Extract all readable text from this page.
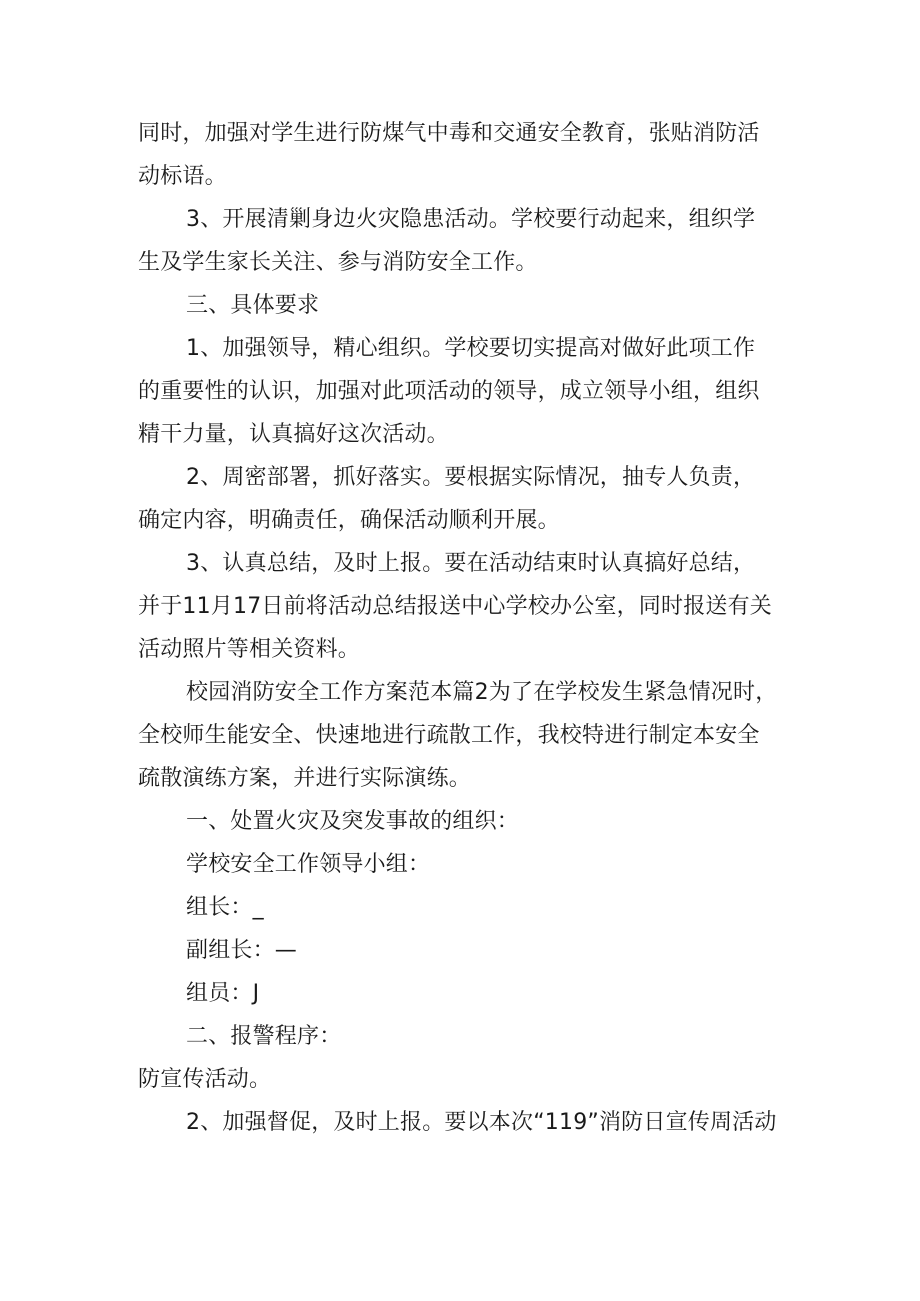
同时，加强对学生进行防煤气中毒和交通安全教育，张贴消防活
动标语。
3、开展清剿身边火灾隐患活动。学校要行动起来，组织学
生及学生家长关注、参与消防安全工作。
三、具体要求
1、加强领导，精心组织。学校要切实提高对做好此项工作
的重要性的认识，加强对此项活动的领导，成立领导小组，组织
精干力量，认真搞好这次活动。
2、周密部署，抓好落实。要根据实际情况，抽专人负责，
确定内容，明确责任，确保活动顺利开展。
3、认真总结，及时上报。要在活动结束时认真搞好总结，
并于11月17日前将活动总结报送中心学校办公室，同时报送有关
活动照片等相关资料。
校园消防安全工作方案范本篇2为了在学校发生紧急情况时，
全校师生能安全、快速地进行疏散工作，我校特进行制定本安全
疏散演练方案，并进行实际演练。
一、处置火灾及突发事故的组织：
学校安全工作领导小组：
组长：_
副组长：—
组员：J
二、报警程序：
防宣传活动。
2、加强督促，及时上报。要以本次“119”消防日宣传周活动
